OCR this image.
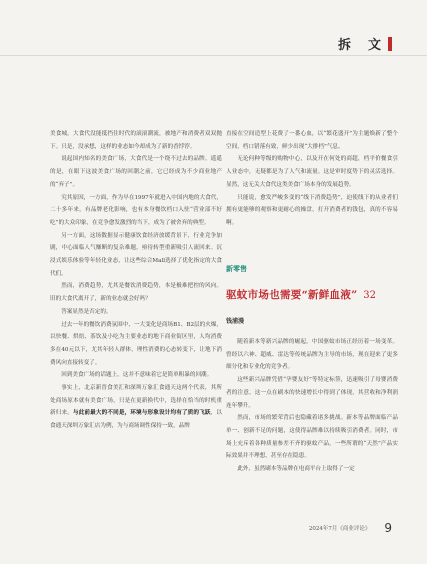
拆　文

美食城。大食代没能抵挡住时代的滚滚潮流，被地产和消费者双双抛下。只是，没承想，这样的业态如今却成为了新的香饽饽。

说起国内知名的美食广场，大食代是一个绕不过去的品牌。遥遥的是，在眼下这波美食广场的回潮之前，它已经成为不少商业地产的“弃子”。

究其原因，一方面，作为早在1997年就进入中国内地的大食代，二十多年来，有品牌老化影响，也有本身餐饮档口入驻“营业部不好吃”的大众印象，在竞争愈发激烈的当下，成为了被舍弃的典型。

另一方面，这场数据显示健康饮食经济放缓背景下，行业竞争加剧，中心面临人气赚断的复杂难题，亟待转型重新吸引人流回来。沉浸式娱乐体验等年轻化业态，让这些综合Mall选择了优化指定的大食代们。

然而，消费趋势，尤其是餐饮消费趋势，本是极难把控的风向。旧的大食代离开了，新的业态就会好吗？

答案显然是否定的。

过去一年的餐饮消费氛围中，一大变化是商场B1、B2层的火爆，以快餐、烘焙、茶饮及小吃为主要业态的地下商业街区里，人均消费多在40元以下，尤其年轻人群体，理性消费的心态转变下，让地下消费风向直接转变了。

回到美食广场的话题上，这并不意味着它是简单粗暴的回潮。

事实上，北京新晋食美汇和深圳万象汇食通天这两个代表，其所处商场原本就有美食广场，只是在更新换代中，选择在恰当的时机重新归来。与此前最大的不同是，环境与形象设计均有了质的飞跃，以食通天深圳万象汇店为例，为与商场调性保持一致，品牌

直接在空间造型上花费了一番心血，以“繁花盛开”为主题焕新了整个空间，档口错落有致，鲜少出现“大排档”气息。

无论何种等级的购物中心，以及开在何处的商超，档平价餐食引人业态中，无疑都是为了人气和流量。这是审时度势下的灵活选择。显然，这无关大食代这类美食广场本身的发展趋势。

只能说，愈发严峻多变的“线下消费趋势”，迫使线下的从业者们拥有更能够的观察和更耐心的操盘，打开消费者的钱包，真的不容易啊。

新零售
驱蚊市场也需要“新鲜血液” 32
钱浦漫

随着新本等新兴品牌的崛起，中国驱蚊市场正经历着一场变革。曾经以六神、超威、雷达等传统品牌为主导的市场，现在迎来了更多细分化和专业化的竞争者。

这些新兴品牌凭借“孕婴友好”等特定标签，迅速吸引了母婴消费者的注意。这一点在刷本的快速增长中得到了体现，其营收和净利润连年攀升。

然而，市场的繁荣背后也隐藏着诸多挑战。新本等品牌面临产品单一、创新不足的问题，这使得品牌难以持续吸引消费者。同时，市场上充斥着各种质量参差不齐的驱蚊产品，一些所谓的“天然”产品实际效果并不理想，甚至存在隐患。

此外，虽然刷本等品牌在电商平台上取得了一定

2024年7月《商业评论》 9
